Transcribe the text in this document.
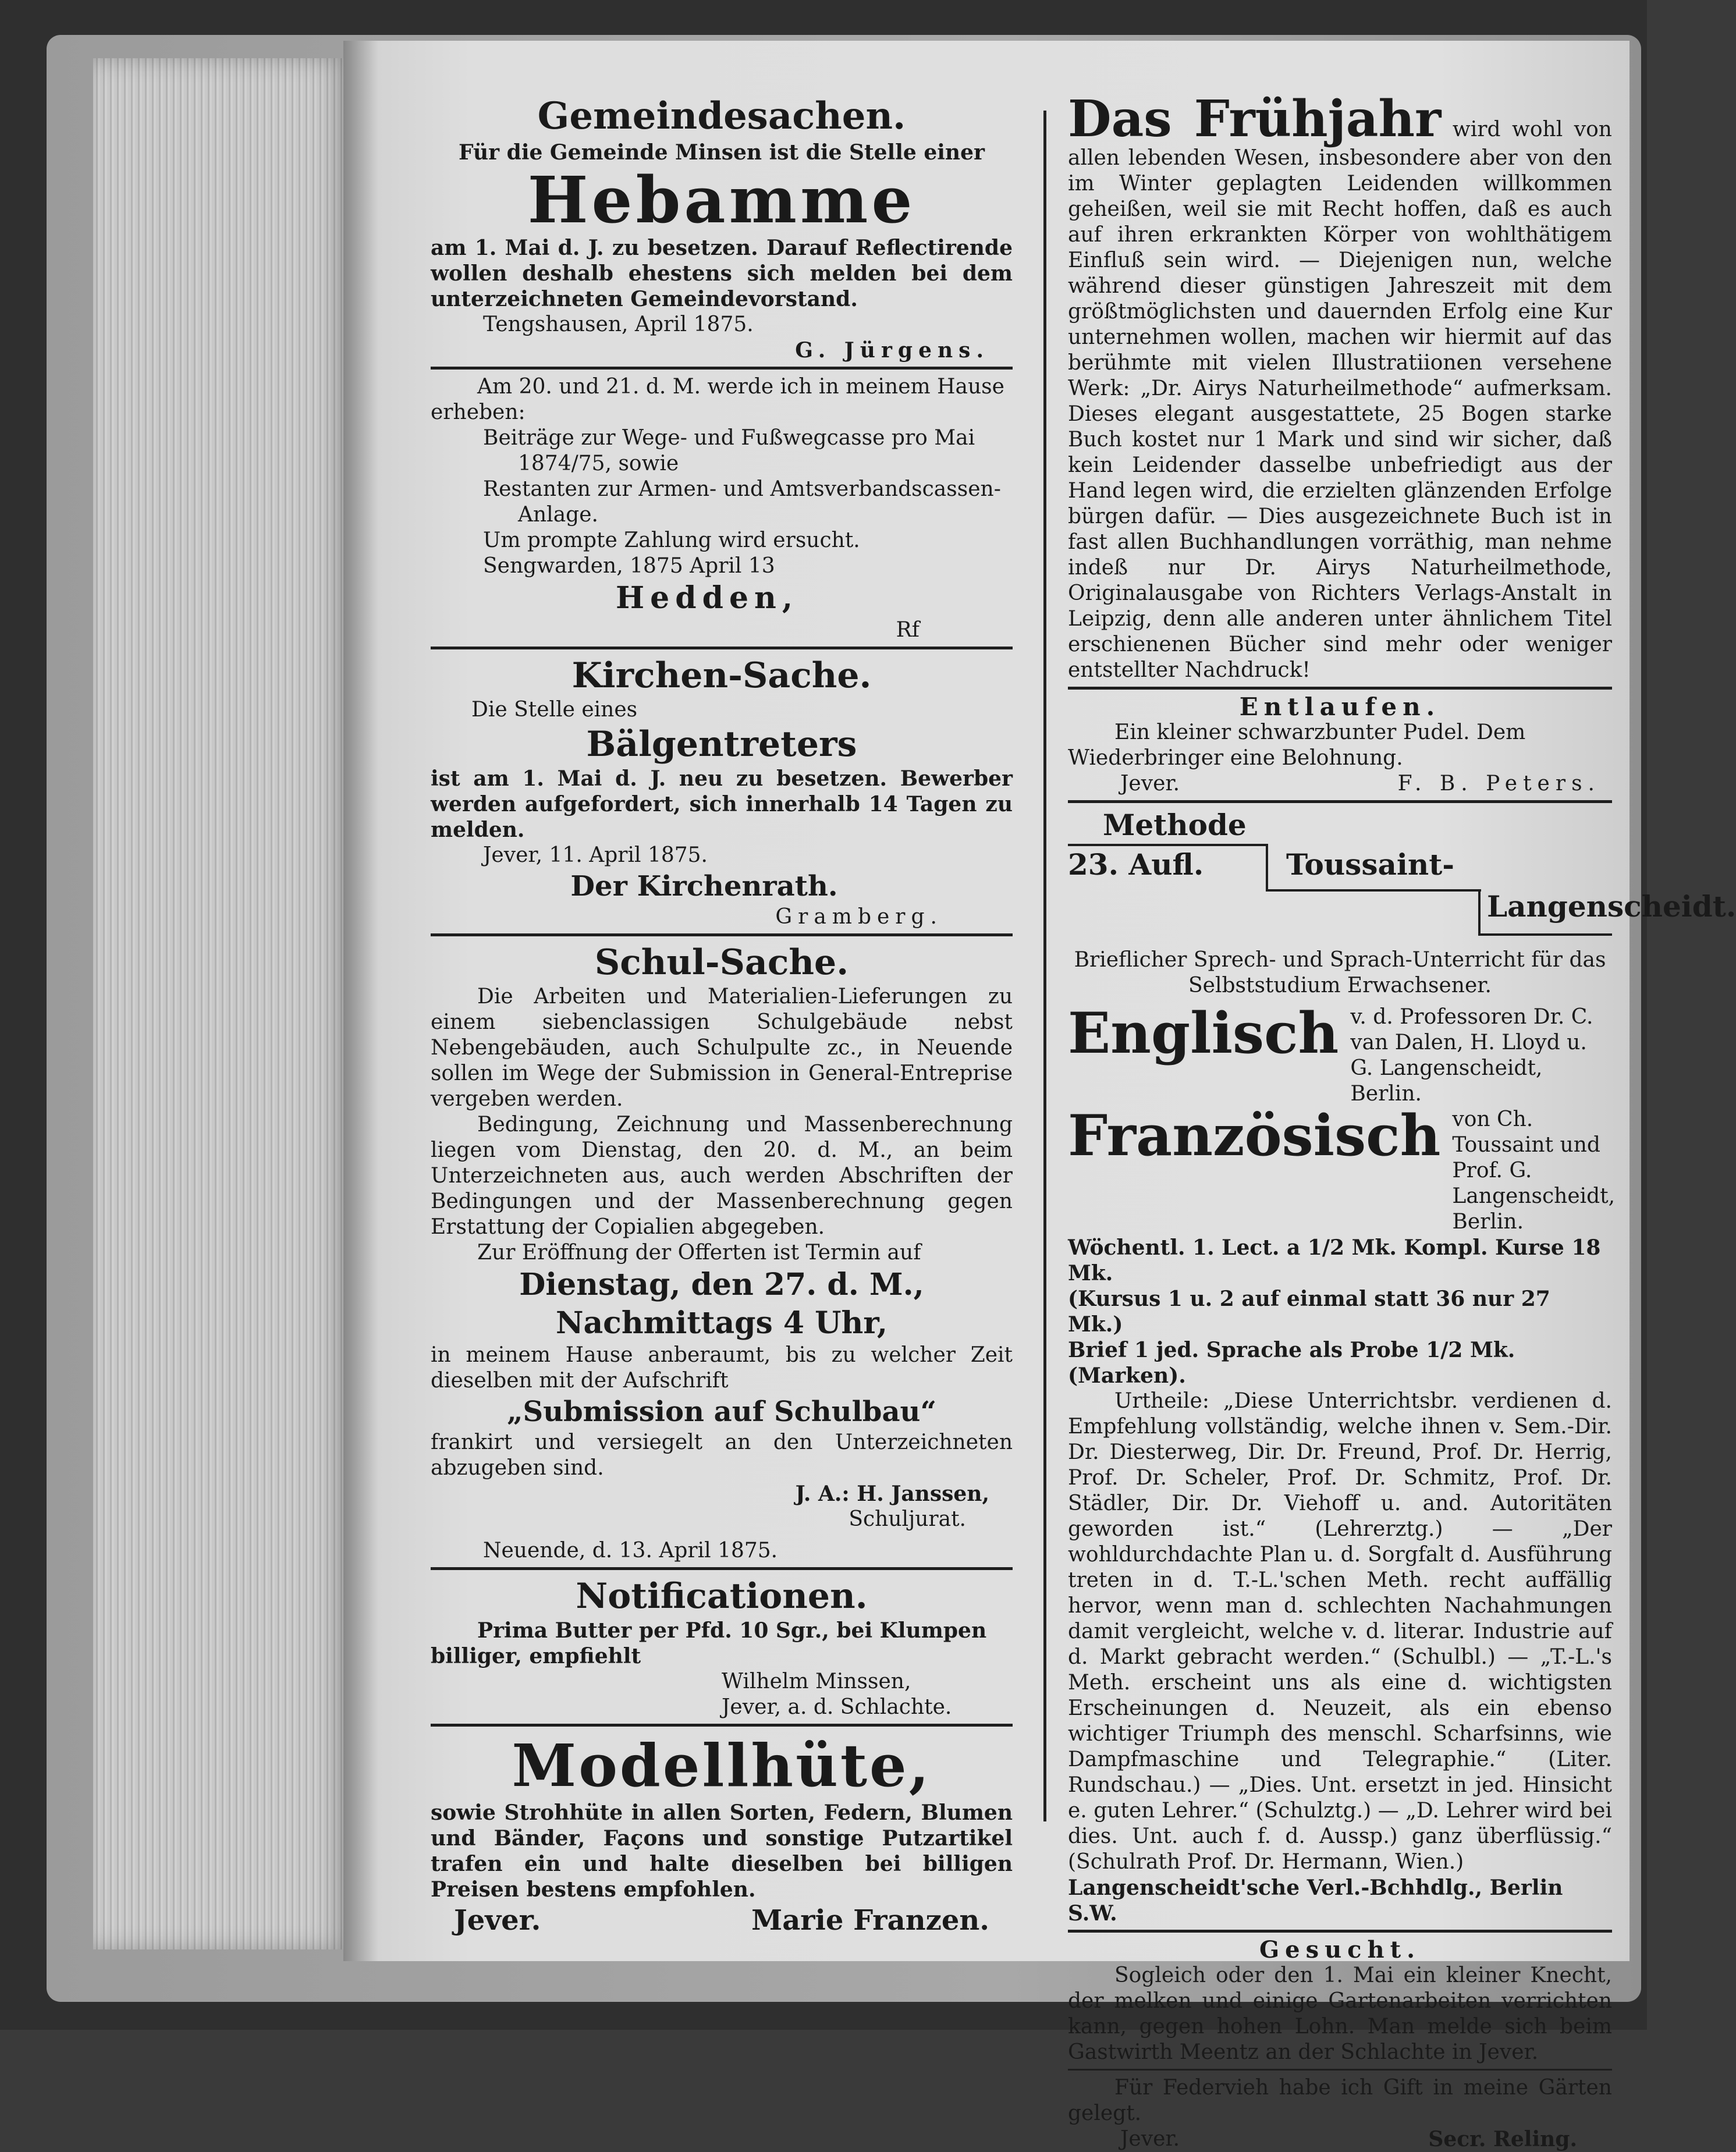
Gemeindesachen.
Für die Gemeinde Minsen ist die Stelle einer
Hebamme
am 1. Mai d. J. zu besetzen. Darauf Reflectirende wollen deshalb ehestens sich melden bei dem unterzeichneten Gemeindevorstand.
Tengshausen, April 1875.
G. Jürgens.
Am 20. und 21. d. M. werde ich in meinem Hause erheben:
Beiträge zur Wege- und Fußwegcasse pro Mai 1874/75, sowie
Restanten zur Armen- und Amtsverbandscassen-Anlage.
Um prompte Zahlung wird ersucht.
Sengwarden, 1875 April 13
Hedden,
Rf
Kirchen-Sache.
Die Stelle eines
Bälgentreters
ist am 1. Mai d. J. neu zu besetzen. Bewerber werden aufgefordert, sich innerhalb 14 Tagen zu melden.
Jever, 11. April 1875.
Der Kirchenrath.
Gramberg.
Schul-Sache.
Die Arbeiten und Materialien-Lieferungen zu einem siebenclassigen Schulgebäude nebst Nebengebäuden, auch Schulpulte zc., in Neuende sollen im Wege der Submission in General-Entreprise vergeben werden.
Bedingung, Zeichnung und Massenberechnung liegen vom Dienstag, den 20. d. M., an beim Unterzeichneten aus, auch werden Abschriften der Bedingungen und der Massenberechnung gegen Erstattung der Copialien abgegeben.
Zur Eröffnung der Offerten ist Termin auf
Dienstag, den 27. d. M.,
Nachmittags 4 Uhr,
in meinem Hause anberaumt, bis zu welcher Zeit dieselben mit der Aufschrift
„Submission auf Schulbau“
frankirt und versiegelt an den Unterzeichneten abzugeben sind.
J. A.: H. Janssen,
Schuljurat.
Neuende, d. 13. April 1875.
Notificationen.
Prima Butter per Pfd. 10 Sgr., bei Klumpen billiger, empfiehlt
Wilhelm Minssen,
Jever, a. d. Schlachte.
Modellhüte,
sowie Strohhüte in allen Sorten, Federn, Blumen und Bänder, Façons und sonstige Putzartikel trafen ein und halte dieselben bei billigen Preisen bestens empfohlen.
Jever.	Marie Franzen.
Das Frühjahr wird wohl von allen lebenden Wesen, insbesondere aber von den im Winter geplagten Leidenden willkommen geheißen, weil sie mit Recht hoffen, daß es auch auf ihren erkrankten Körper von wohlthätigem Einfluß sein wird. — Diejenigen nun, welche während dieser günstigen Jahreszeit mit dem größtmöglichsten und dauernden Erfolg eine Kur unternehmen wollen, machen wir hiermit auf das berühmte mit vielen Illustratiionen versehene Werk: „Dr. Airys Naturheilmethode“ aufmerksam. Dieses elegant ausgestattete, 25 Bogen starke Buch kostet nur 1 Mark und sind wir sicher, daß kein Leidender dasselbe unbefriedigt aus der Hand legen wird, die erzielten glänzenden Erfolge bürgen dafür. — Dies ausgezeichnete Buch ist in fast allen Buchhandlungen vorräthig, man nehme indeß nur Dr. Airys Naturheilmethode, Originalausgabe von Richters Verlags-Anstalt in Leipzig, denn alle anderen unter ähnlichem Titel erschienenen Bücher sind mehr oder weniger entstellter Nachdruck!
Entlaufen.
Ein kleiner schwarzbunter Pudel. Dem Wiederbringer eine Belohnung.
Jever.	F. B. Peters.
Methode
23. Aufl.	Toussaint-
Langenscheidt.
Brieflicher Sprech- und Sprach-Unterricht für das Selbststudium Erwachsener.
Englisch v. d. Professoren Dr. C. van Dalen, H. Lloyd u. G. Langenscheidt, Berlin.
Französisch von Ch. Toussaint und Prof. G. Langenscheidt, Berlin.
Wöchentl. 1. Lect. a 1/2 Mk. Kompl. Kurse 18 Mk.
(Kursus 1 u. 2 auf einmal statt 36 nur 27 Mk.)
Brief 1 jed. Sprache als Probe 1/2 Mk. (Marken).
Urtheile: „Diese Unterrichtsbr. verdienen d. Empfehlung vollständig, welche ihnen v. Sem.-Dir. Dr. Diesterweg, Dir. Dr. Freund, Prof. Dr. Herrig, Prof. Dr. Scheler, Prof. Dr. Schmitz, Prof. Dr. Städler, Dir. Dr. Viehoff u. and. Autoritäten geworden ist.“ (Lehrerztg.) — „Der wohldurchdachte Plan u. d. Sorgfalt d. Ausführung treten in d. T.-L.'schen Meth. recht auffällig hervor, wenn man d. schlechten Nachahmungen damit vergleicht, welche v. d. literar. Industrie auf d. Markt gebracht werden.“ (Schulbl.) — „T.-L.'s Meth. erscheint uns als eine d. wichtigsten Erscheinungen d. Neuzeit, als ein ebenso wichtiger Triumph des menschl. Scharfsinns, wie Dampfmaschine und Telegraphie.“ (Liter. Rundschau.) — „Dies. Unt. ersetzt in jed. Hinsicht e. guten Lehrer.“ (Schulztg.) — „D. Lehrer wird bei dies. Unt. auch f. d. Aussp.) ganz überflüssig.“ (Schulrath Prof. Dr. Hermann, Wien.)
Langenscheidt'sche Verl.-Bchhdlg., Berlin S.W.
Gesucht.
Sogleich oder den 1. Mai ein kleiner Knecht, der melken und einige Gartenarbeiten verrichten kann, gegen hohen Lohn. Man melde sich beim Gastwirth Meentz an der Schlachte in Jever.
Für Federvieh habe ich Gift in meine Gärten gelegt.
Jever.	Secr. Reling.
